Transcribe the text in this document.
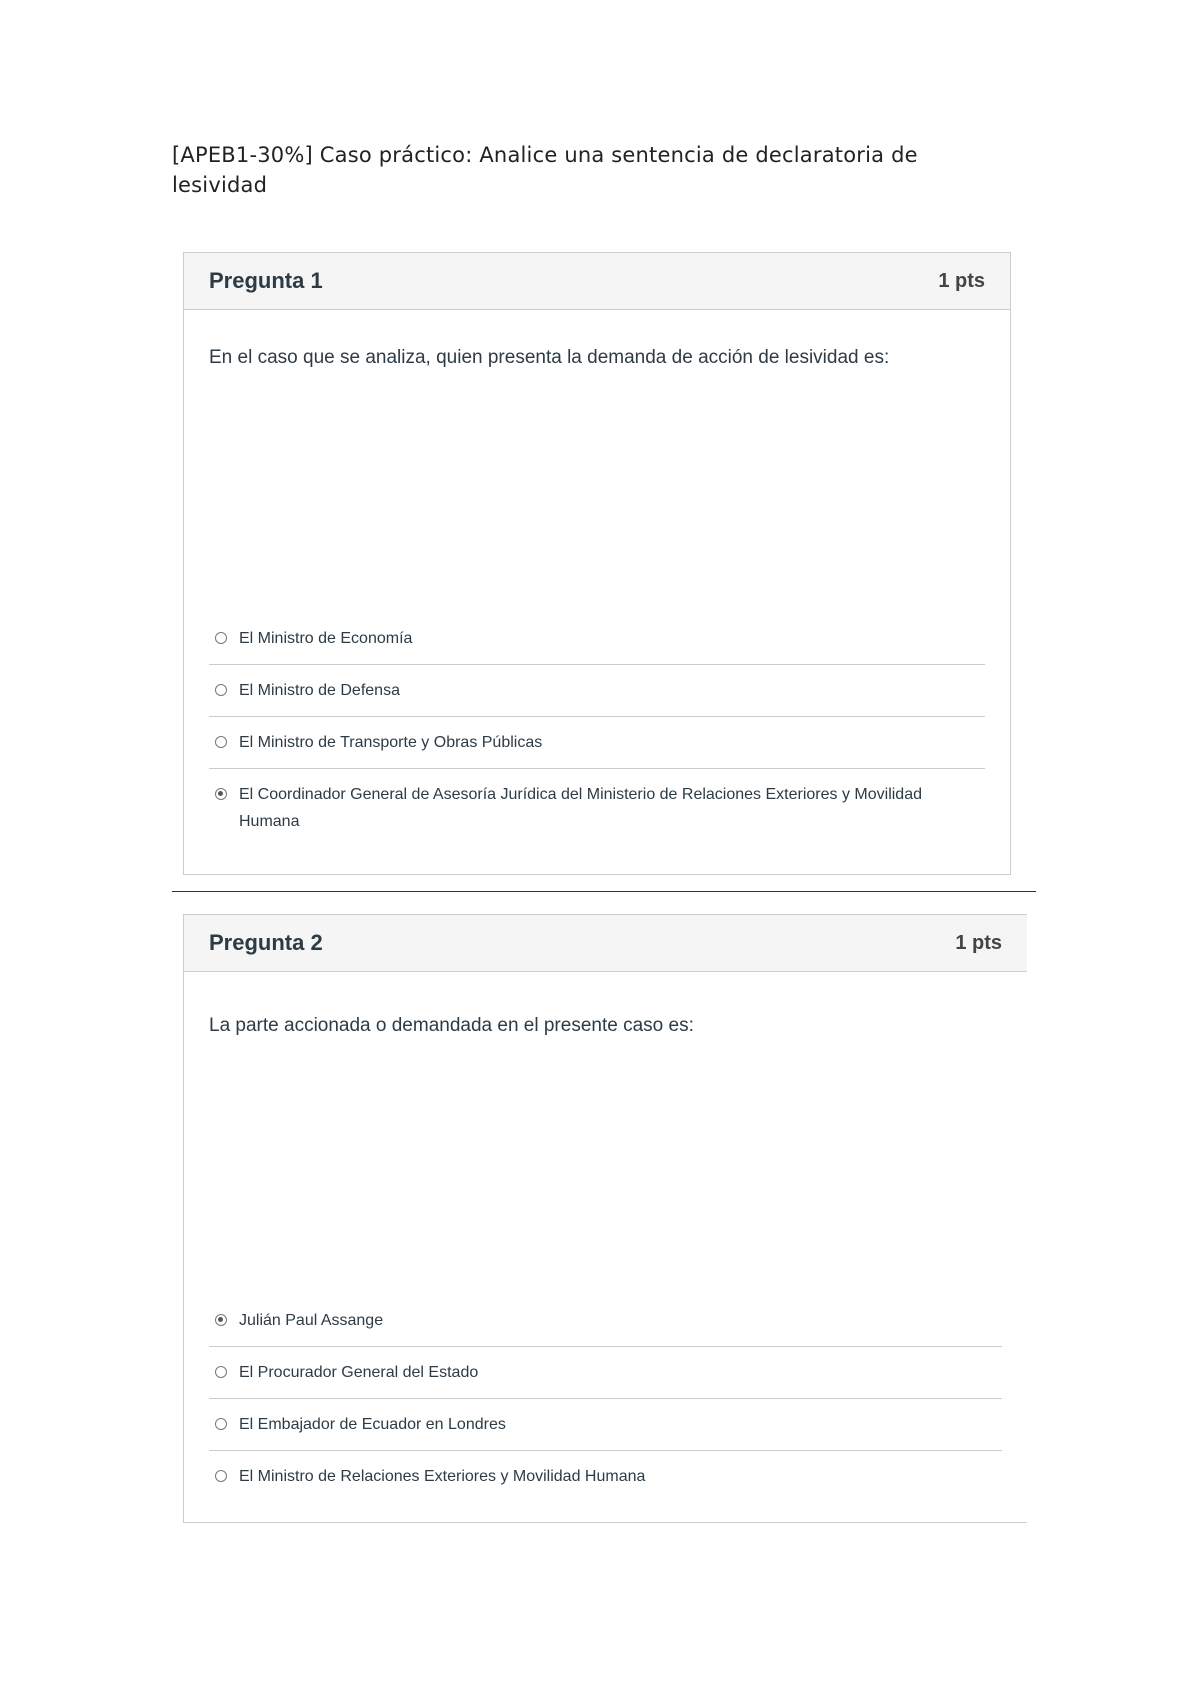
[APEB1-30%] Caso práctico: Analice una sentencia de declaratoria de lesividad
Pregunta 1	1 pts
En el caso que se analiza, quien presenta la demanda de acción de lesividad es:
El Ministro de Economía
El Ministro de Defensa
El Ministro de Transporte y Obras Públicas
El Coordinador General de Asesoría Jurídica del Ministerio de Relaciones Exteriores y Movilidad Humana
Pregunta 2	1 pts
La parte accionada o demandada en el presente caso es:
Julián Paul Assange
El Procurador General del Estado
El Embajador de Ecuador en Londres
El Ministro de Relaciones Exteriores y Movilidad Humana
